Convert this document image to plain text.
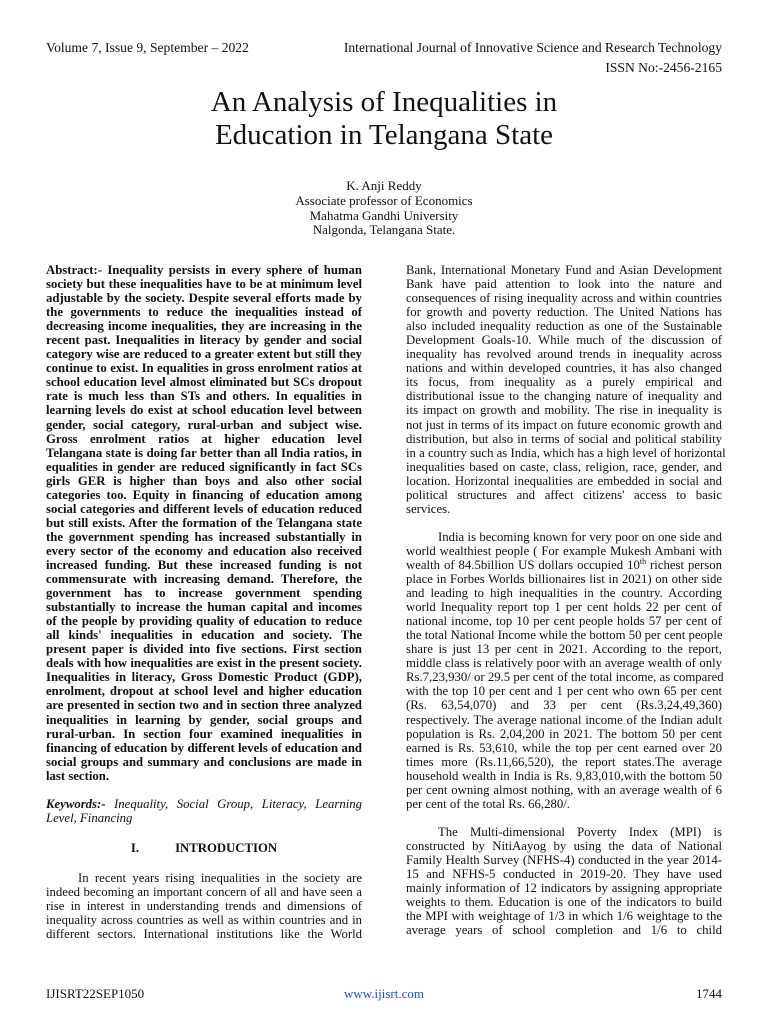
Volume 7, Issue 9, September – 2022	International Journal of Innovative Science and Research Technology
ISSN No:-2456-2165
An Analysis of Inequalities in
Education in Telangana State
K. Anji Reddy
Associate professor of Economics
Mahatma Gandhi University
Nalgonda, Telangana State.
Abstract:- Inequality persists in every sphere of human
society but these inequalities have to be at minimum level
adjustable by the society. Despite several efforts made by
the governments to reduce the inequalities instead of
decreasing income inequalities, they are increasing in the
recent past. Inequalities in literacy by gender and social
category wise are reduced to a greater extent but still they
continue to exist. In equalities in gross enrolment ratios at
school education level almost eliminated but SCs dropout
rate is much less than STs and others. In equalities in
learning levels do exist at school education level between
gender, social category, rural-urban and subject wise.
Gross enrolment ratios at higher education level
Telangana state is doing far better than all India ratios, in
equalities in gender are reduced significantly in fact SCs
girls GER is higher than boys and also other social
categories too. Equity in financing of education among
social categories and different levels of education reduced
but still exists. After the formation of the Telangana state
the government spending has increased substantially in
every sector of the economy and education also received
increased funding. But these increased funding is not
commensurate with increasing demand. Therefore, the
government has to increase government spending
substantially to increase the human capital and incomes
of the people by providing quality of education to reduce
all kinds' inequalities in education and society. The
present paper is divided into five sections. First section
deals with how inequalities are exist in the present society.
Inequalities in literacy, Gross Domestic Product (GDP),
enrolment, dropout at school level and higher education
are presented in section two and in section three analyzed
inequalities in learning by gender, social groups and
rural-urban. In section four examined inequalities in
financing of education by different levels of education and
social groups and summary and conclusions are made in
last section.
Keywords:- Inequality, Social Group, Literacy, Learning
Level, Financing
I.	INTRODUCTION
In recent years rising inequalities in the society are
indeed becoming an important concern of all and have seen a
rise in interest in understanding trends and dimensions of
inequality across countries as well as within countries and in
different sectors. International institutions like the World
Bank, International Monetary Fund and Asian Development
Bank have paid attention to look into the nature and
consequences of rising inequality across and within countries
for growth and poverty reduction. The United Nations has
also included inequality reduction as one of the Sustainable
Development Goals-10. While much of the discussion of
inequality has revolved around trends in inequality across
nations and within developed countries, it has also changed
its focus, from inequality as a purely empirical and
distributional issue to the changing nature of inequality and
its impact on growth and mobility. The rise in inequality is
not just in terms of its impact on future economic growth and
distribution, but also in terms of social and political stability
in a country such as India, which has a high level of horizontal
inequalities based on caste, class, religion, race, gender, and
location. Horizontal inequalities are embedded in social and
political structures and affect citizens' access to basic
services.
India is becoming known for very poor on one side and
world wealthiest people ( For example Mukesh Ambani with
wealth of 84.5billion US dollars occupied 10th richest person
place in Forbes Worlds billionaires list in 2021) on other side
and leading to high inequalities in the country. According
world Inequality report top 1 per cent holds 22 per cent of
national income, top 10 per cent people holds 57 per cent of
the total National Income while the bottom 50 per cent people
share is just 13 per cent in 2021. According to the report,
middle class is relatively poor with an average wealth of only
Rs.7,23,930/ or 29.5 per cent of the total income, as compared
with the top 10 per cent and 1 per cent who own 65 per cent
(Rs. 63,54,070) and 33 per cent (Rs.3,24,49,360)
respectively. The average national income of the Indian adult
population is Rs. 2,04,200 in 2021. The bottom 50 per cent
earned is Rs. 53,610, while the top per cent earned over 20
times more (Rs.11,66,520), the report states.The average
household wealth in India is Rs. 9,83,010,with the bottom 50
per cent owning almost nothing, with an average wealth of 6
per cent of the total Rs. 66,280/.
The Multi-dimensional Poverty Index (MPI) is
constructed by NitiAayog by using the data of National
Family Health Survey (NFHS-4) conducted in the year 2014-
15 and NFHS-5 conducted in 2019-20. They have used
mainly information of 12 indicators by assigning appropriate
weights to them. Education is one of the indicators to build
the MPI with weightage of 1/3 in which 1/6 weightage to the
average years of school completion and 1/6 to child
IJISRT22SEP1050	www.ijisrt.com	1744
